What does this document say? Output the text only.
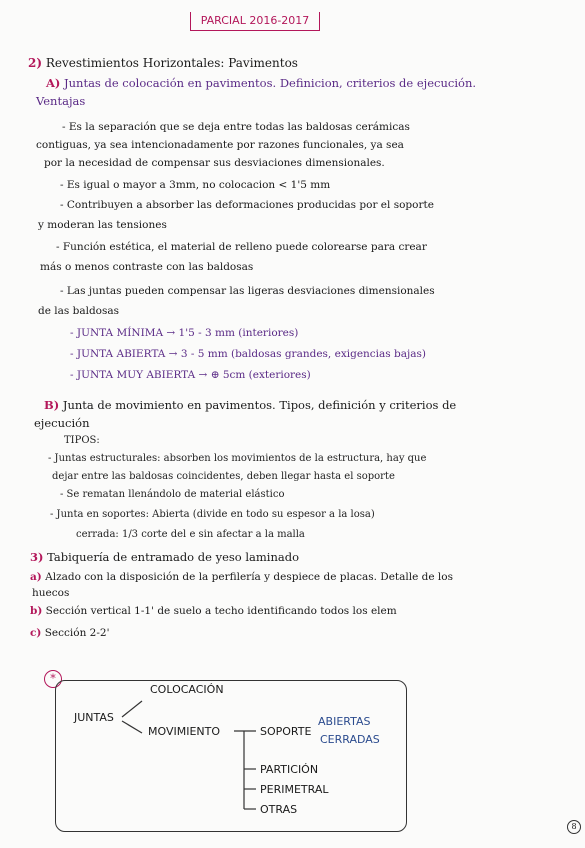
PARCIAL 2016-2017
2) Revestimientos Horizontales: Pavimentos
A) Juntas de colocación en pavimentos. Definicion, criterios de ejecución.
Ventajas
- Es la separación que se deja entre todas las baldosas cerámicas
contiguas, ya sea intencionadamente por razones funcionales, ya sea
por la necesidad de compensar sus desviaciones dimensionales.
- Es igual o mayor a 3mm, no colocacion < 1'5 mm
- Contribuyen a absorber las deformaciones producidas por el soporte
y moderan las tensiones
- Función estética, el material de relleno puede colorearse para crear
más o menos contraste con las baldosas
- Las juntas pueden compensar las ligeras desviaciones dimensionales
de las baldosas
- JUNTA MÍNIMA → 1'5 - 3 mm (interiores)
- JUNTA ABIERTA → 3 - 5 mm (baldosas grandes, exigencias bajas)
- JUNTA MUY ABIERTA → ⊕ 5cm (exteriores)
B) Junta de movimiento en pavimentos. Tipos, definición y criterios de
ejecución
TIPOS:
- Juntas estructurales: absorben los movimientos de la estructura, hay que
dejar entre las baldosas coincidentes, deben llegar hasta el soporte
- Se rematan llenándolo de material elástico
- Junta en soportes: Abierta (divide en todo su espesor a la losa)
cerrada: 1/3 corte del e sin afectar a la malla
3) Tabiquería de entramado de yeso laminado
a) Alzado con la disposición de la perfilería y despiece de placas. Detalle de los
huecos
b) Sección vertical 1-1' de suelo a techo identificando todos los elem
c) Sección 2-2'
*
JUNTAS
COLOCACIÓN
MOVIMIENTO	SOPORTE
ABIERTAS
CERRADAS
PARTICIÓN
PERIMETRAL
OTRAS
8
